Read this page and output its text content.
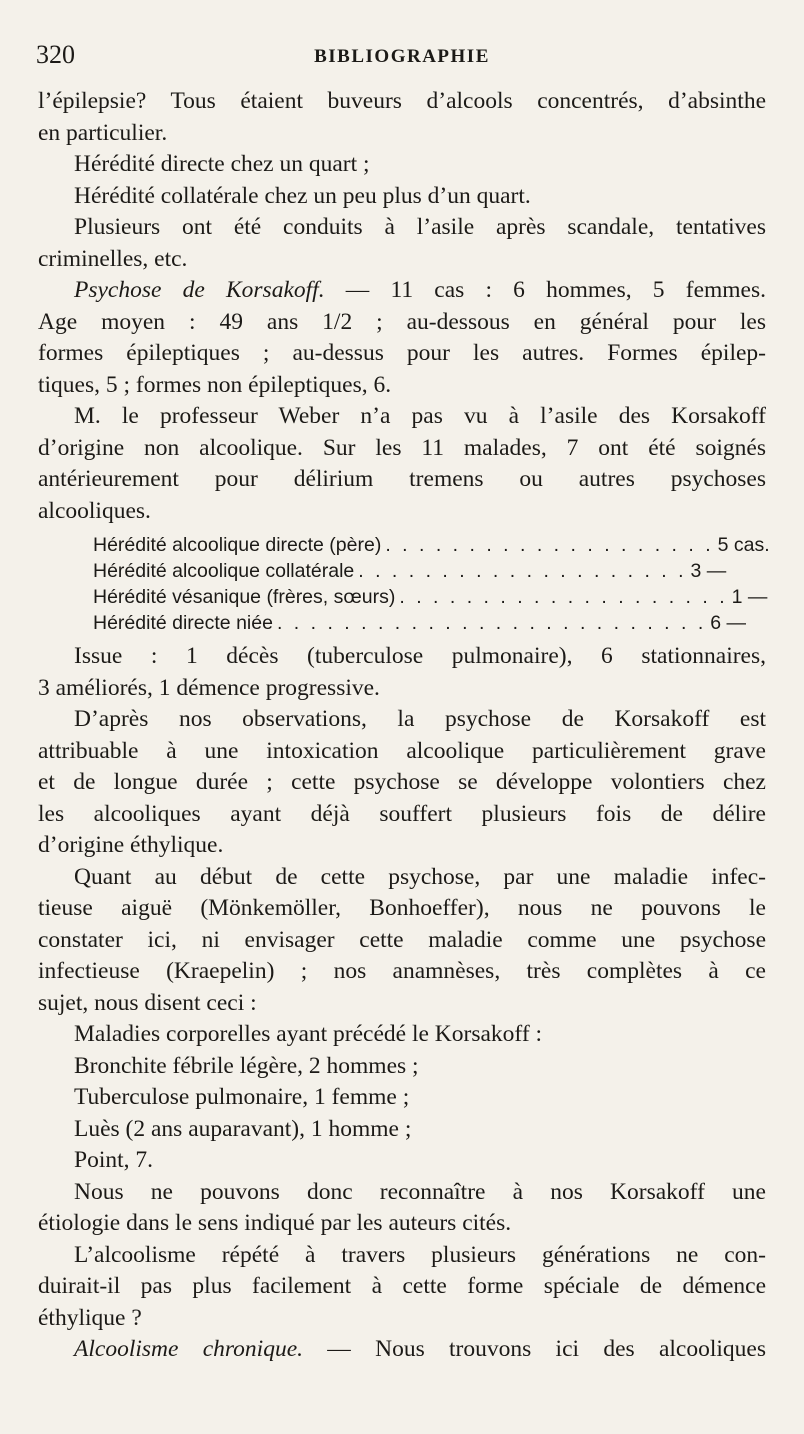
320	BIBLIOGRAPHIE
l’épilepsie? Tous étaient buveurs d’alcools concentrés, d’absinthe
en particulier.
Hérédité directe chez un quart ;
Hérédité collatérale chez un peu plus d’un quart.
Plusieurs ont été conduits à l’asile après scandale, tentatives
criminelles, etc.
Psychose de Korsakoff. — 11 cas : 6 hommes, 5 femmes.
Age moyen : 49 ans 1/2 ; au-dessous en général pour les
formes épileptiques ; au-dessus pour les autres. Formes épilep-
tiques, 5 ; formes non épileptiques, 6.
M. le professeur Weber n’a pas vu à l’asile des Korsakoff
d’origine non alcoolique. Sur les 11 malades, 7 ont été soignés
antérieurement pour délirium tremens ou autres psychoses
alcooliques.
Hérédité alcoolique directe (père) . . . . . . . . . . . . . . . . . . . . 5 cas.
Hérédité alcoolique collatérale . . . . . . . . . . . . . . . . . . . . 3 —
Hérédité vésanique (frères, sœurs) . . . . . . . . . . . . . . . . . . . . 1 —
Hérédité directe niée . . . . . . . . . . . . . . . . . . . . . . . . . . 6 —
Issue : 1 décès (tuberculose pulmonaire), 6 stationnaires,
3 améliorés, 1 démence progressive.
D’après nos observations, la psychose de Korsakoff est
attribuable à une intoxication alcoolique particulièrement grave
et de longue durée ; cette psychose se développe volontiers chez
les alcooliques ayant déjà souffert plusieurs fois de délire
d’origine éthylique.
Quant au début de cette psychose, par une maladie infec-
tieuse aiguë (Mönkemöller, Bonhoeffer), nous ne pouvons le
constater ici, ni envisager cette maladie comme une psychose
infectieuse (Kraepelin) ; nos anamnèses, très complètes à ce
sujet, nous disent ceci :
Maladies corporelles ayant précédé le Korsakoff :
Bronchite fébrile légère, 2 hommes ;
Tuberculose pulmonaire, 1 femme ;
Luès (2 ans auparavant), 1 homme ;
Point, 7.
Nous ne pouvons donc reconnaître à nos Korsakoff une
étiologie dans le sens indiqué par les auteurs cités.
L’alcoolisme répété à travers plusieurs générations ne con-
duirait-il pas plus facilement à cette forme spéciale de démence
éthylique ?
Alcoolisme chronique. — Nous trouvons ici des alcooliques
